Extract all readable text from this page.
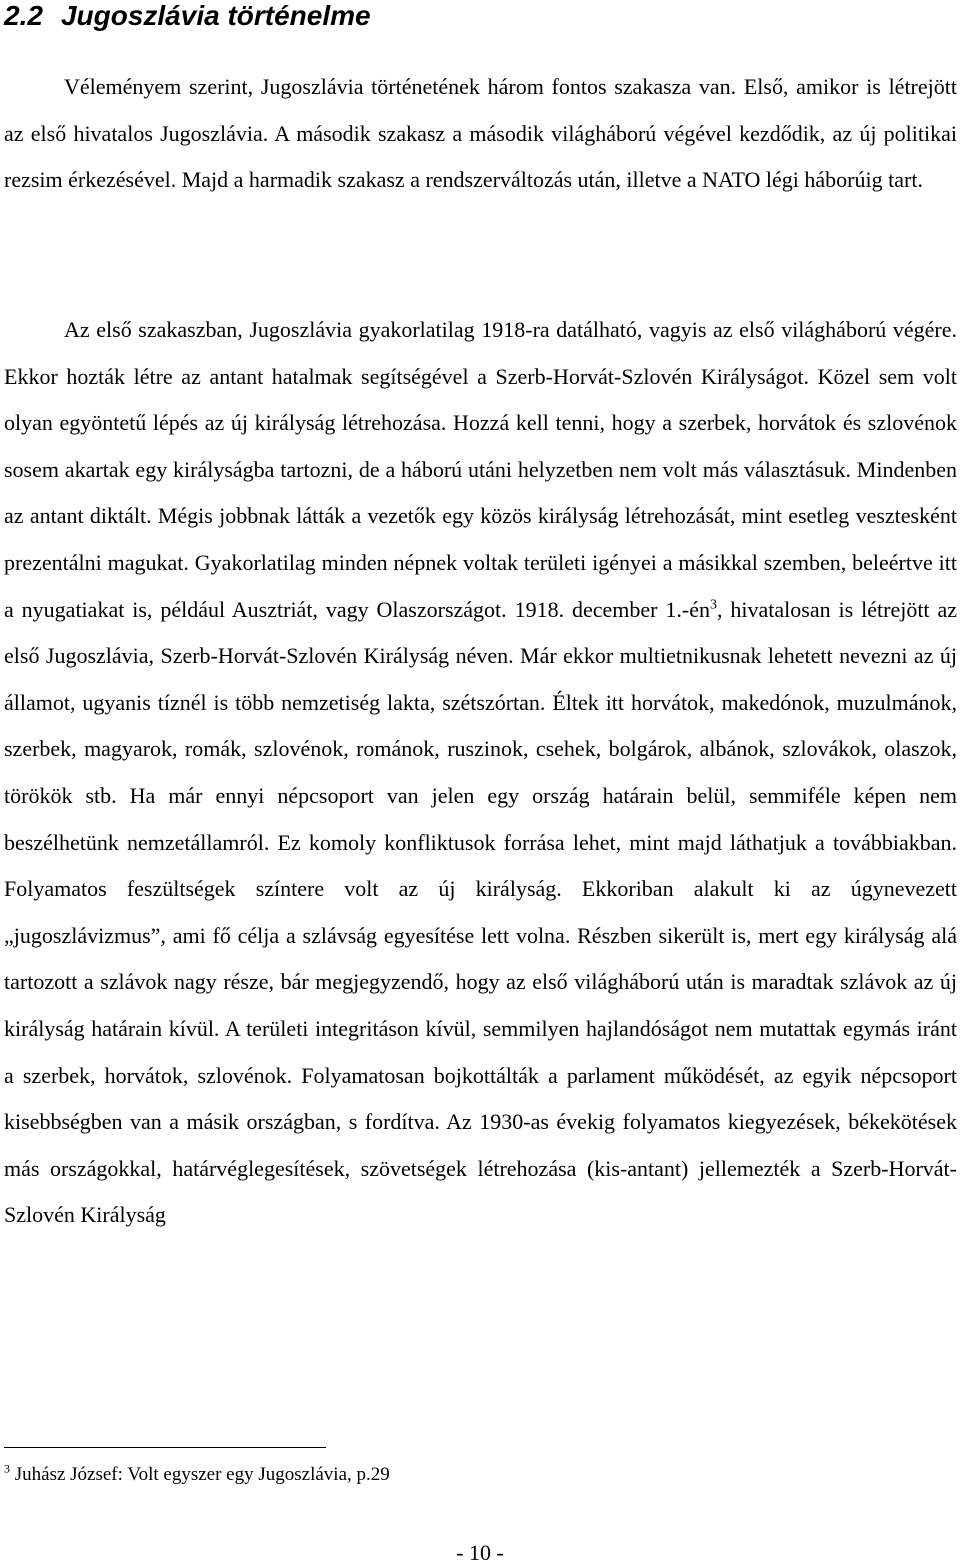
2.2 Jugoszlávia történelme

Véleményem szerint, Jugoszlávia történetének három fontos szakasza van. Első, amikor is létrejött az első hivatalos Jugoszlávia. A második szakasz a második világháború végével kezdődik, az új politikai rezsim érkezésével. Majd a harmadik szakasz a rendszerváltozás után, illetve a NATO légi háborúig tart.

Az első szakaszban, Jugoszlávia gyakorlatilag 1918-ra datálható, vagyis az első világháború végére. Ekkor hozták létre az antant hatalmak segítségével a Szerb-Horvát-Szlovén Királyságot. Közel sem volt olyan egyöntetű lépés az új királyság létrehozása. Hozzá kell tenni, hogy a szerbek, horvátok és szlovénok sosem akartak egy királyságba tartozni, de a háború utáni helyzetben nem volt más választásuk. Mindenben az antant diktált. Mégis jobbnak látták a vezetők egy közös királyság létrehozását, mint esetleg vesztesként prezentálni magukat. Gyakorlatilag minden népnek voltak területi igényei a másikkal szemben, beleértve itt a nyugatiakat is, például Ausztriát, vagy Olaszországot. 1918. december $1.-én^3$, hivatalosan is létrejött az első Jugoszlávia, Szerb-Horvát-Szlovén Királyság néven. Már ekkor multietnikusnak lehetett nevezni az új államot, ugyanis tíznél is több nemzetiség lakta, szétszórtan. Éltek itt horvátok, makedónok, muzulmánok, szerbek, magyarok, romák, szlovénok, románok, ruszinok, csehek, bolgárok, albánok, szlovákok, olaszok, törökök stb. Ha már ennyi népcsoport van jelen egy ország határain belül, semmiféle képen nem beszélhetünk nemzetállamról. Ez komoly konfliktusok forrása lehet, mint majd láthatjuk a továbbiakban. Folyamatos feszültségek színtere volt az új királyság. Ekkoriban alakult ki az úgynevezett „jugoszlávizmus”, ami fő célja a szlávság egyesítése lett volna. Részben sikerült is, mert egy királyság alá tartozott a szlávok nagy része, bár megjegyzendő, hogy az első világháború után is maradtak szlávok az új királyság határain kívül. A területi integritáson kívül, semmilyen hajlandóságot nem mutattak egymás iránt a szerbek, horvátok, szlovénok. Folyamatosan bojkottálták a parlament működését, az egyik népcsoport kisebbségben van a másik országban, s fordítva. Az 1930-as évekig folyamatos kiegyezések, békekötések más országokkal, határvéglegesítések, szövetségek létrehozása (kis-antant) jellemezték a Szerb-Horvát-Szlovén Királyság

$^3$ Juhász József: Volt egyszer egy Jugoszlávia, p.29

- 10 -
